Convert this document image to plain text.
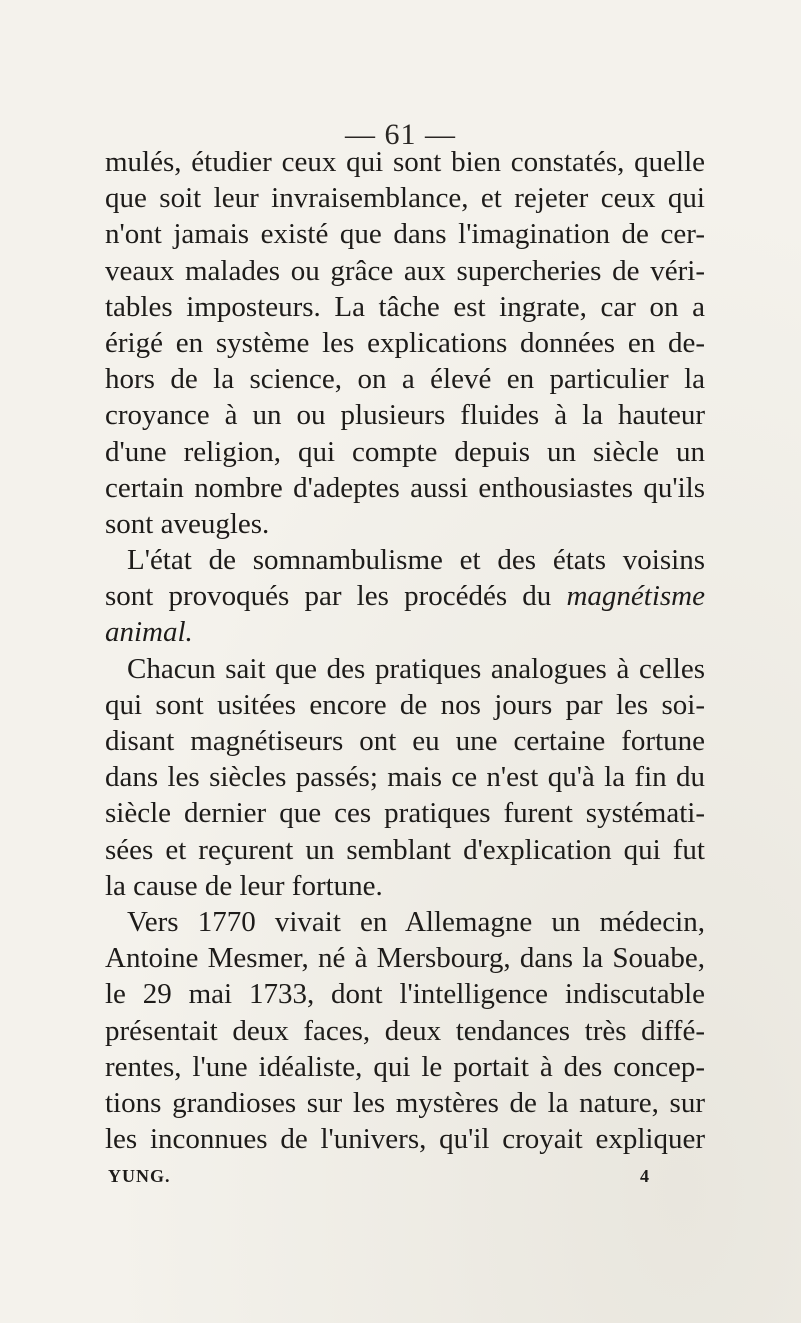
— 61 —
mulés, étudier ceux qui sont bien constatés, quelle
que soit leur invraisemblance, et rejeter ceux qui
n'ont jamais existé que dans l'imagination de cer-
veaux malades ou grâce aux supercheries de véri-
tables imposteurs. La tâche est ingrate, car on a
érigé en système les explications données en de-
hors de la science, on a élevé en particulier la
croyance à un ou plusieurs fluides à la hauteur
d'une religion, qui compte depuis un siècle un
certain nombre d'adeptes aussi enthousiastes qu'ils
sont aveugles.
L'état de somnambulisme et des états voisins
sont provoqués par les procédés du magnétisme
animal.
Chacun sait que des pratiques analogues à celles
qui sont usitées encore de nos jours par les soi-
disant magnétiseurs ont eu une certaine fortune
dans les siècles passés; mais ce n'est qu'à la fin du
siècle dernier que ces pratiques furent systémati-
sées et reçurent un semblant d'explication qui fut
la cause de leur fortune.
Vers 1770 vivait en Allemagne un médecin,
Antoine Mesmer, né à Mersbourg, dans la Souabe,
le 29 mai 1733, dont l'intelligence indiscutable
présentait deux faces, deux tendances très diffé-
rentes, l'une idéaliste, qui le portait à des concep-
tions grandioses sur les mystères de la nature, sur
les inconnues de l'univers, qu'il croyait expliquer
YUNG.	4
